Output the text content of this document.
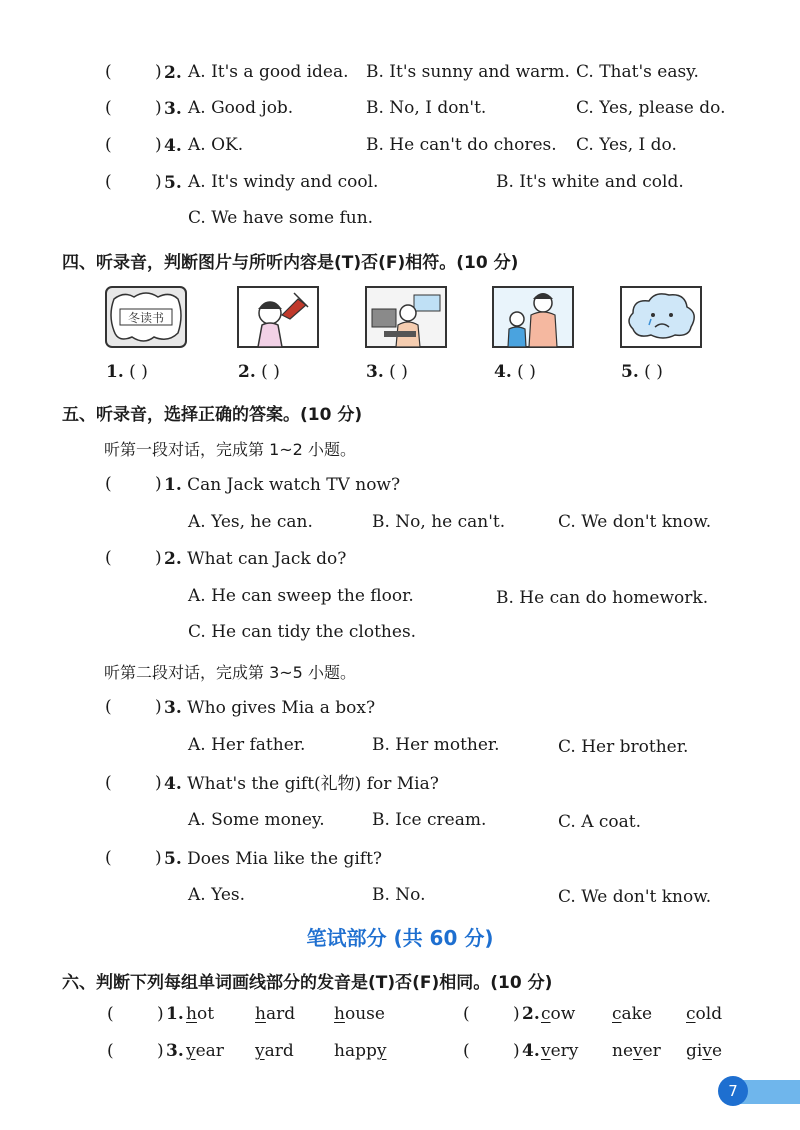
(	) 2. A. It's a good idea. B. It's sunny and warm. C. That's easy.
(	) 3. A. Good job.	B. No, I don't.	C. Yes, please do.
(	) 4. A. OK.	B. He can't do chores. C. Yes, I do.
(	) 5. A. It's windy and cool.	B. It's white and cold.
C. We have some fun.
四、听录音，判断图片与所听内容是(T)否(F)相符。(10 分)
冬读书
1. ( )	2. ( )	3. ( )	4. ( )	5. ( )
五、听录音，选择正确的答案。(10 分)
听第一段对话，完成第 1~2 小题。
(	) 1. Can Jack watch TV now?
A. Yes, he can.	B. No, he can't.	C. We don't know.
(	) 2. What can Jack do?
A. He can sweep the floor.	B. He can do homework.
C. He can tidy the clothes.
听第二段对话，完成第 3~5 小题。
(	) 3. Who gives Mia a box?
A. Her father.	B. Her mother.	C. Her brother.
(	) 4. What's the gift(礼物) for Mia?
A. Some money.	B. Ice cream.	C. A coat.
(	) 5. Does Mia like the gift?
A. Yes.	B. No.	C. We don't know.
笔试部分 (共 60 分)
六、判断下列每组单词画线部分的发音是(T)否(F)相同。(10 分)
(	) 1. hot hard house	(	) 2. cow cake cold
(	) 3. year yard happy	(	) 4. very never give
7
